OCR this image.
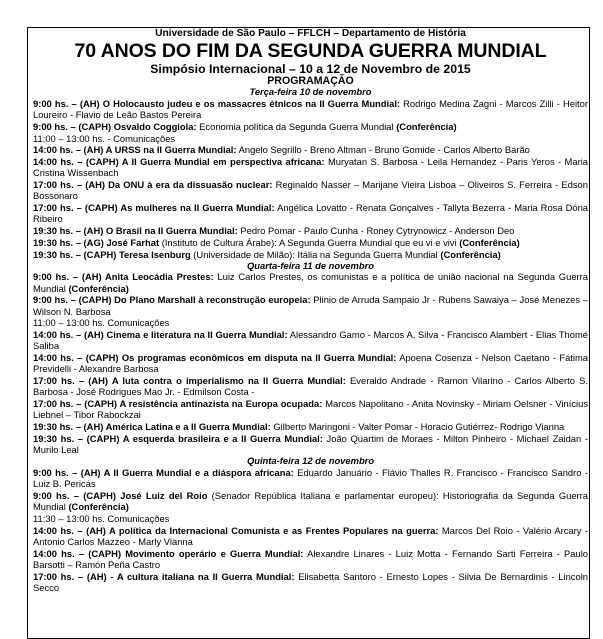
Universidade de São Paulo – FFLCH – Departamento de História
70 ANOS DO FIM DA SEGUNDA GUERRA MUNDIAL
Simpósio Internacional – 10 a 12 de Novembro de 2015
PROGRAMAÇÃO
Terça-feira 10 de novembro
9:00 hs. – (AH) O Holocausto judeu e os massacres étnicos na II Guerra Mundial: Rodrigo Medina Zagni - Marcos Zilli - Heitor Loureiro - Flavio de Leão Bastos Pereira
9:00 hs. – (CAPH) Osvaldo Coggiola: Economia política da Segunda Guerra Mundial (Conferência)
11:00 – 13:00 hs. - Comunicações
14:00 hs. – (AH) A URSS na II Guerra Mundial: Angelo Segrillo - Breno Altman - Bruno Gomide - Carlos Alberto Barão
14:00 hs. – (CAPH) A II Guerra Mundial em perspectiva africana: Muryatan S. Barbosa - Leila Hernandez - Paris Yeros - Maria Cristina Wissenbach
17:00 hs. – (AH) Da ONU à era da dissuasão nuclear: Reginaldo Nasser – Marijane Vieira Lisboa – Oliveiros S. Ferreira - Edson Bossonaro
17:00 hs. – (CAPH) As mulheres na II Guerra Mundial: Angélica Lovatto - Renata Gonçalves - Tallyta Bezerra - Maria Rosa Dória Ribeiro
19:30 hs. – (AH) O Brasil na II Guerra Mundial: Pedro Pomar - Paulo Cunha - Roney Cytrynowicz - Anderson Deo
19:30 hs. – (AG) José Farhat (Instituto de Cultura Árabe): A Segunda Guerra Mundial que eu vi e vivi (Conferência)
19:30 hs. – (CAPH) Teresa Isenburg (Universidade de Milão): Itália na Segunda Guerra Mundial (Conferência)
Quarta-feira 11 de novembro
9:00 hs. – (AH) Anita Leocádia Prestes: Luiz Carlos Prestes, os comunistas e a política de união nacional na Segunda Guerra Mundial (Conferência)
9:00 hs. – (CAPH) Do Plano Marshall à reconstrução europeia: Plinio de Arruda Sampaio Jr - Rubens Sawaiya – José Menezes – Wilson N. Barbosa
11:00 – 13:00 hs. Comunicações
14:00 hs. – (AH) Cinema e literatura na II Guerra Mundial: Alessandro Gamo - Marcos A. Silva - Francisco Alambert - Elias Thomé Saliba
14:00 hs. – (CAPH) Os programas econômicos em disputa na II Guerra Mundial: Apoena Cosenza - Nelson Caetano - Fátima Previdelli - Alexandre Barbosa
17:00 hs. – (AH) A luta contra o imperialismo na II Guerra Mundial: Everaldo Andrade - Ramon Vilarino - Carlos Alberto S. Barbosa - José Rodrigues Mao Jr. - Edmilson Costa -
17:00 hs. – (CAPH) A resistência antinazista na Europa ocupada: Marcos Napolitano - Anita Novinsky - Miriam Oelsner - Vinícius Liebnel – Tibor Rabockzai
19:30 hs. – (AH) América Latina e a II Guerra Mundial: Gilberto Maringoni - Valter Pomar - Horacio Gutiérrez- Rodrigo Vianna
19:30 hs. – (CAPH) A esquerda brasileira e a II Guerra Mundial: João Quartim de Moraes - Milton Pinheiro - Michael Zaidan - Murilo Leal
Quinta-feira 12 de novembro
9:00 hs. – (AH) A II Guerra Mundial e a diáspora africana: Eduardo Januário - Flávio Thalles R. Francisco - Francisco Sandro - Luiz B. Pericás
9:00 hs. – (CAPH) José Luiz del Roio (Senador República Italiana e parlamentar europeu): Historiografia da Segunda Guerra Mundial (Conferência)
11:30 – 13:00 hs. Comunicações
14:00 hs. – (AH) A política da Internacional Comunista e as Frentes Populares na guerra: Marcos Del Roio - Valério Arcary - Antonio Carlos Mazzeo - Marly Vianna
14:00 hs. – (CAPH) Movimento operário e Guerra Mundial: Alexandre Linares - Luiz Motta - Fernando Sarti Ferreira - Paulo Barsotti – Ramón Peña Castro
17:00 hs. – (AH) - A cultura italiana na II Guerra Mundial: Elisabetta Santoro - Ernesto Lopes - Silvia De Bernardinis - Lincoln Secco
